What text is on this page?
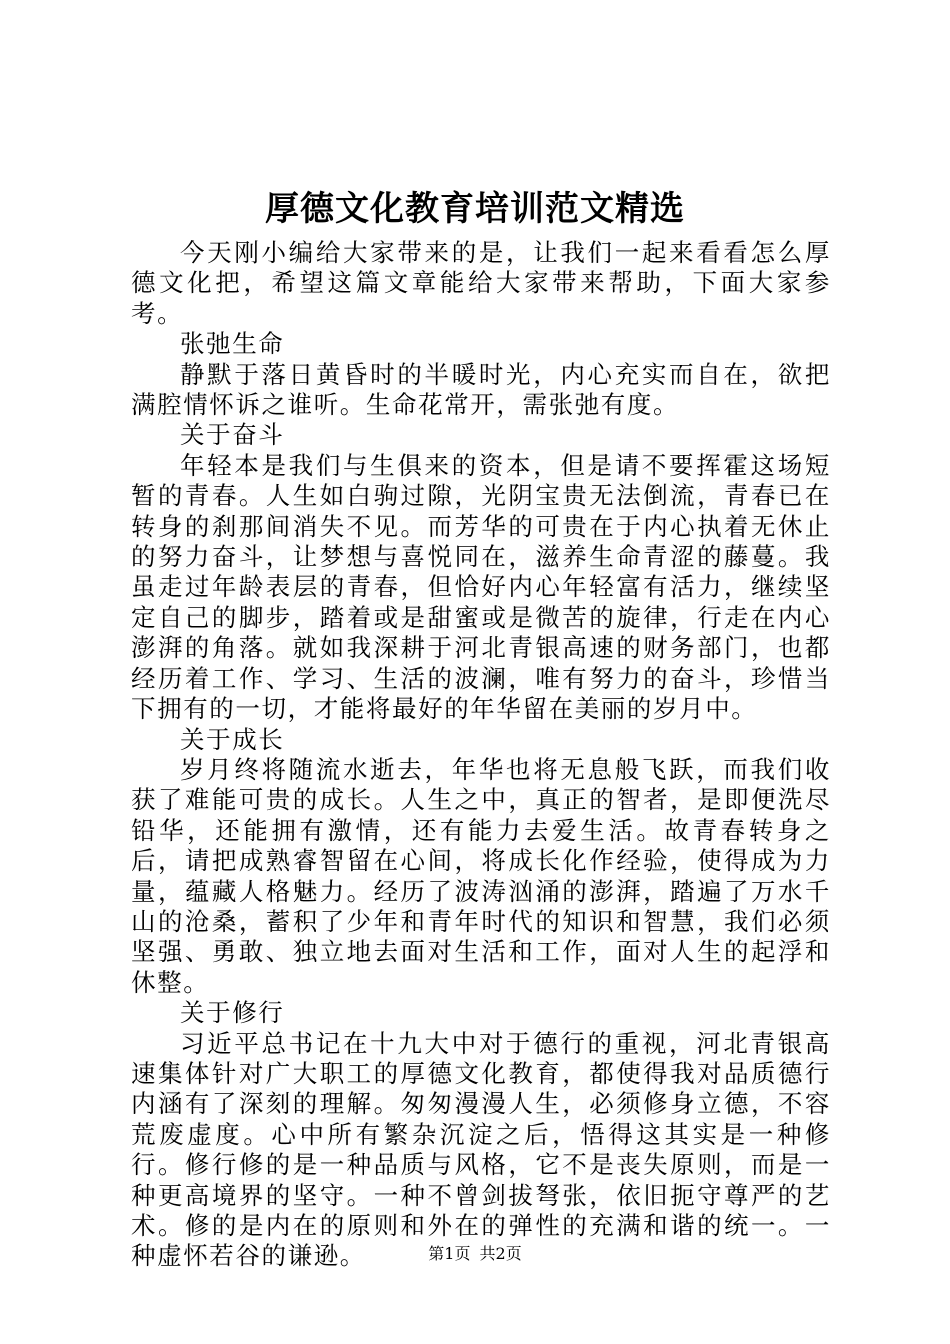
厚德文化教育培训范文精选

今天刚小编给大家带来的是，让我们一起来看看怎么厚德文化把，希望这篇文章能给大家带来帮助，下面大家参考。

张弛生命

静默于落日黄昏时的半暖时光，内心充实而自在，欲把满腔情怀诉之谁听。生命花常开，需张弛有度。

关于奋斗

年轻本是我们与生俱来的资本，但是请不要挥霍这场短暂的青春。人生如白驹过隙，光阴宝贵无法倒流，青春已在转身的刹那间消失不见。而芳华的可贵在于内心执着无休止的努力奋斗，让梦想与喜悦同在，滋养生命青涩的藤蔓。我虽走过年龄表层的青春，但恰好内心年轻富有活力，继续坚定自己的脚步，踏着或是甜蜜或是微苦的旋律，行走在内心澎湃的角落。就如我深耕于河北青银高速的财务部门，也都经历着工作、学习、生活的波澜，唯有努力的奋斗，珍惜当下拥有的一切，才能将最好的年华留在美丽的岁月中。

关于成长

岁月终将随流水逝去，年华也将无息般飞跃，而我们收获了难能可贵的成长。人生之中，真正的智者，是即便洗尽铅华，还能拥有激情，还有能力去爱生活。故青春转身之后，请把成熟睿智留在心间，将成长化作经验，使得成为力量，蕴藏人格魅力。经历了波涛汹涌的澎湃，踏遍了万水千山的沧桑，蓄积了少年和青年时代的知识和智慧，我们必须坚强、勇敢、独立地去面对生活和工作，面对人生的起浮和休整。

关于修行

习近平总书记在十九大中对于德行的重视，河北青银高速集体针对广大职工的厚德文化教育，都使得我对品质德行内涵有了深刻的理解。匆匆漫漫人生，必须修身立德，不容荒废虚度。心中所有繁杂沉淀之后，悟得这其实是一种修行。修行修的是一种品质与风格，它不是丧失原则，而是一种更高境界的坚守。一种不曾剑拔弩张，依旧扼守尊严的艺术。修的是内在的原则和外在的弹性的充满和谐的统一。一种虚怀若谷的谦逊。	第1页 共2页
